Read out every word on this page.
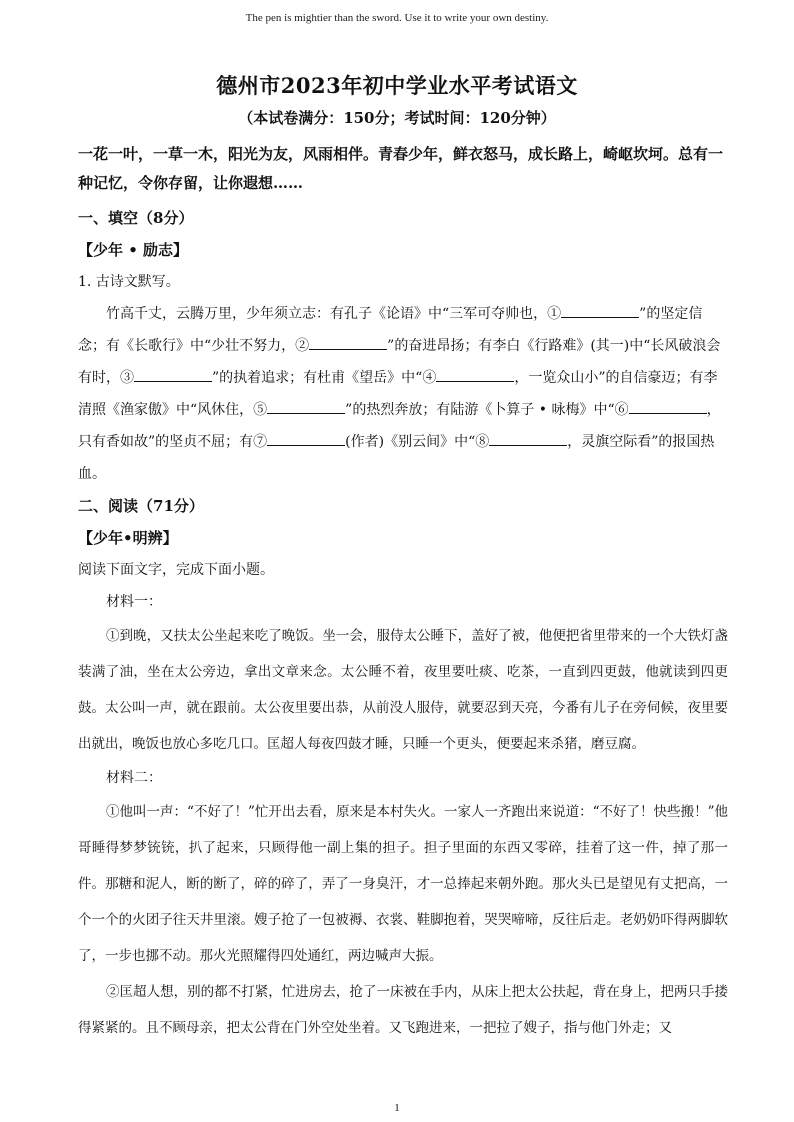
The pen is mightier than the sword. Use it to write your own destiny.
德州市2023年初中学业水平考试语文
（本试卷满分：150分；考试时间：120分钟）
一花一叶，一草一木，阳光为友，风雨相伴。青春少年，鲜衣怒马，成长路上，崎岖坎坷。总有一种记忆，令你存留，让你遐想……

一、填空（8分）

【少年 • 励志】

1. 古诗文默写。

竹高千丈，云腾万里，少年须立志：有孔子《论语》中“三军可夺帅也，①	”的坚定信念；有《长歌行》中“少壮不努力，②	”的奋进昂扬；有李白《行路难》(其一)中“长风破浪会有时，③	”的执着追求；有杜甫《望岳》中“④	，一览众山小”的自信豪迈；有李清照《渔家傲》中“风休住，⑤	”的热烈奔放；有陆游《卜算子 • 咏梅》中“⑥	，只有香如故”的坚贞不屈；有⑦	(作者)《别云间》中“⑧	，灵旗空际看”的报国热血。

二、阅读（71分）

【少年•明辨】

阅读下面文字，完成下面小题。

材料一：

①到晚，又扶太公坐起来吃了晚饭。坐一会，服侍太公睡下，盖好了被，他便把省里带来的一个大铁灯盏装满了油，坐在太公旁边，拿出文章来念。太公睡不着，夜里要吐痰、吃茶，一直到四更鼓，他就读到四更鼓。太公叫一声，就在跟前。太公夜里要出恭，从前没人服侍，就要忍到天亮，今番有儿子在旁伺候，夜里要出就出，晚饭也放心多吃几口。匡超人每夜四鼓才睡，只睡一个更头，便要起来杀猪，磨豆腐。

材料二：

①他叫一声：“不好了！”忙开出去看，原来是本村失火。一家人一齐跑出来说道：“不好了！快些搬！”他哥睡得梦梦铳铳，扒了起来，只顾得他一副上集的担子。担子里面的东西又零碎，挂着了这一件，掉了那一件。那糖和泥人，断的断了，碎的碎了，弄了一身臭汗，才一总捧起来朝外跑。那火头已是望见有丈把高，一个一个的火团子往天井里滚。嫂子抢了一包被褥、衣裳、鞋脚抱着，哭哭啼啼，反往后走。老奶奶吓得两脚软了，一步也挪不动。那火光照耀得四处通红，两边喊声大振。

②匡超人想，别的都不打紧，忙进房去，抢了一床被在手内，从床上把太公扶起，背在身上，把两只手搂得紧紧的。且不顾母亲，把太公背在门外空处坐着。又飞跑进来，一把拉了嫂子，指与他门外走；又

1
